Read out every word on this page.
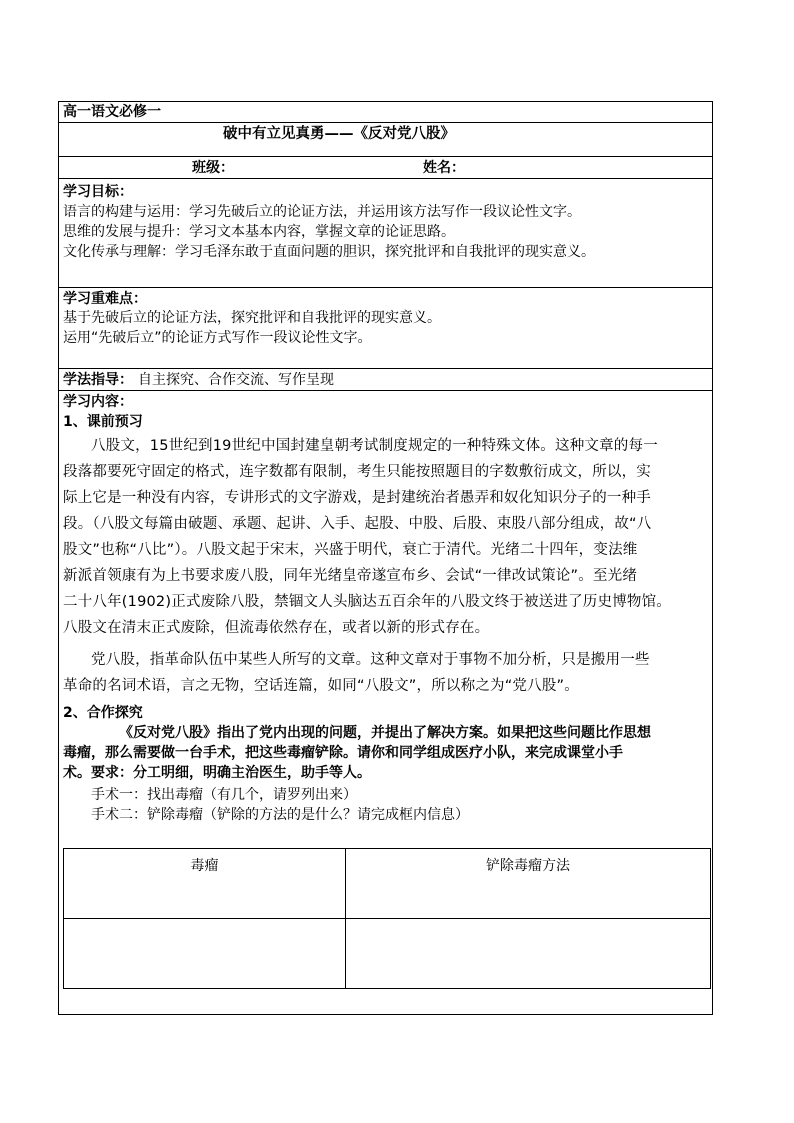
高一语文必修一
破中有立见真勇——《反对党八股》
班级：	姓名：
学习目标：
语言的构建与运用：学习先破后立的论证方法，并运用该方法写作一段议论性文字。
思维的发展与提升：学习文本基本内容，掌握文章的论证思路。
文化传承与理解：学习毛泽东敢于直面问题的胆识，探究批评和自我批评的现实意义。
学习重难点：
基于先破后立的论证方法，探究批评和自我批评的现实意义。
运用“先破后立”的论证方式写作一段议论性文字。
学法指导： 自主探究、合作交流、写作呈现
学习内容：
1、课前预习
八股文，15世纪到19世纪中国封建皇朝考试制度规定的一种特殊文体。这种文章的每一
段落都要死守固定的格式，连字数都有限制，考生只能按照题目的字数敷衍成文，所以，实
际上它是一种没有内容，专讲形式的文字游戏，是封建统治者愚弄和奴化知识分子的一种手
段。（八股文每篇由破题、承题、起讲、入手、起股、中股、后股、束股八部分组成，故“八
股文”也称“八比”）。八股文起于宋末，兴盛于明代，衰亡于清代。光绪二十四年，变法维
新派首领康有为上书要求废八股，同年光绪皇帝遂宣布乡、会试“一律改试策论”。至光绪
二十八年(1902)正式废除八股，禁锢文人头脑达五百余年的八股文终于被送进了历史博物馆。
八股文在清末正式废除，但流毒依然存在，或者以新的形式存在。
党八股，指革命队伍中某些人所写的文章。这种文章对于事物不加分析，只是搬用一些
革命的名词术语，言之无物，空话连篇，如同“八股文”，所以称之为“党八股”。
2、合作探究
《反对党八股》指出了党内出现的问题，并提出了解决方案。如果把这些问题比作思想
毒瘤，那么需要做一台手术，把这些毒瘤铲除。请你和同学组成医疗小队，来完成课堂小手
术。要求：分工明细，明确主治医生，助手等人。
手术一：找出毒瘤（有几个，请罗列出来）
手术二：铲除毒瘤（铲除的方法的是什么？请完成框内信息）
毒瘤	铲除毒瘤方法
